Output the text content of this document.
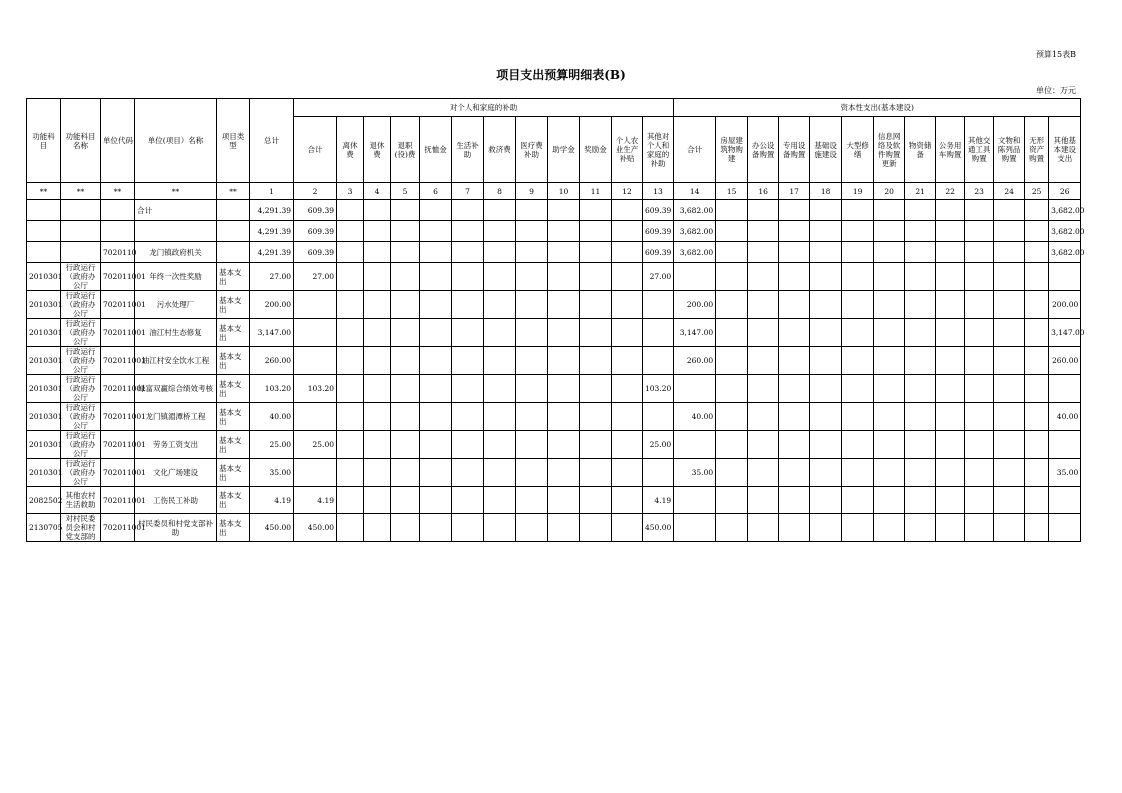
预算15表B
项目支出预算明细表(B)
单位：万元
功能科目	功能科目名称	单位代码	单位(项目）名称	项目类型	总计	对个人和家庭的补助												资本性支出(基本建设)												
						合计	离休费	退休费	退职(役)费	抚恤金	生活补助	救济费	医疗费补助	助学金	奖励金	个人农业生产补贴	其他对个人和家庭的补助	合计	房屋建筑物购建	办公设备购置	专用设备购置	基础设施建设	大型修缮	信息网络及软件购置更新	物资储备	公务用车购置	其他交通工具购置	文物和陈列品购置	无形资产购置	其他基本建设支出
**	**	**	**	**	1	2	3	4	5	6	7	8	9	10	11	12	13	14	15	16	17	18	19	20	21	22	23	24	25	26
			合计		4,291.39	609.39											609.39	3,682.00												3,682.00
					4,291.39	609.39											609.39	3,682.00												3,682.00
		7020110	龙门镇政府机关		4,291.39	609.39											609.39	3,682.00												3,682.00
2010301	行政运行（政府办公厅	702011001	年终一次性奖励	基本支出	27.00	27.00											27.00													
2010301	行政运行（政府办公厅	702011001	污水处理厂	基本支出	200.00													200.00												200.00
2010301	行政运行（政府办公厅	702011001	油江村生态修复	基本支出	3,147.00													3,147.00												3,147.00
2010301	行政运行（政府办公厅	702011001	油江村安全饮水工程	基本支出	260.00													260.00												260.00
2010301	行政运行（政府办公厅	702011001	绿富双赢综合绩效考核	基本支出	103.20	103.20											103.20													
2010301	行政运行（政府办公厅	702011001	龙门镇湄潭桥工程	基本支出	40.00													40.00												40.00
2010301	行政运行（政府办公厅	702011001	劳务工资支出	基本支出	25.00	25.00											25.00													
2010301	行政运行（政府办公厅	702011001	文化广场建设	基本支出	35.00													35.00												35.00
2082502	其他农村生活救助	702011001	工伤民工补助	基本支出	4.19	4.19											4.19													
2130705	对村民委员会和村党支部的	702011001	村民委员和村党支部补助	基本支出	450.00	450.00											450.00													
